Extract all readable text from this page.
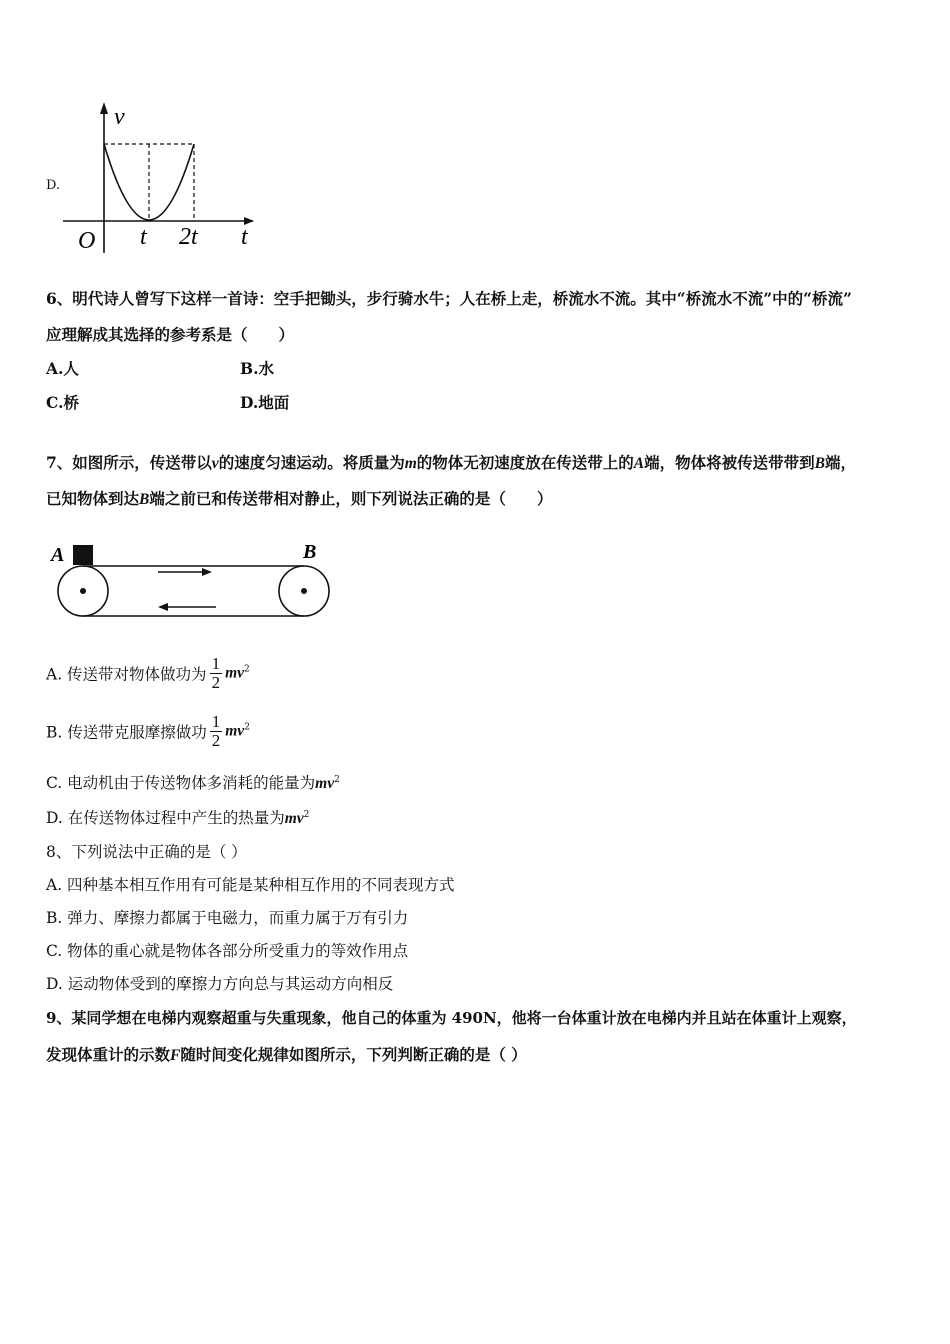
D.
v
O t 2t t
6、明代诗人曾写下这样一首诗：空手把锄头，步行骑水牛；人在桥上走，桥流水不流。其中“桥流水不流”中的“桥流”
应理解成其选择的参考系是（　　）
A.人	B.水
C.桥	D.地面
7、如图所示，传送带以v的速度匀速运动。将质量为m的物体无初速度放在传送带上的A端，物体将被传送带带到B端，
已知物体到达B端之前已和传送带相对静止，则下列说法正确的是（　　）
A	B
A. 传送带对物体做功为 $\frac{1}{2} mv^2$
B. 传送带克服摩擦做功 $\frac{1}{2} mv^2$
C. 电动机由于传送物体多消耗的能量为$mv^2$
D. 在传送物体过程中产生的热量为$mv^2$
8、下列说法中正确的是（ ）
A. 四种基本相互作用有可能是某种相互作用的不同表现方式
B. 弹力、摩擦力都属于电磁力，而重力属于万有引力
C. 物体的重心就是物体各部分所受重力的等效作用点
D. 运动物体受到的摩擦力方向总与其运动方向相反
9、某同学想在电梯内观察超重与失重现象，他自己的体重为 490N，他将一台体重计放在电梯内并且站在体重计上观察，
发现体重计的示数F随时间变化规律如图所示，下列判断正确的是（ ）
